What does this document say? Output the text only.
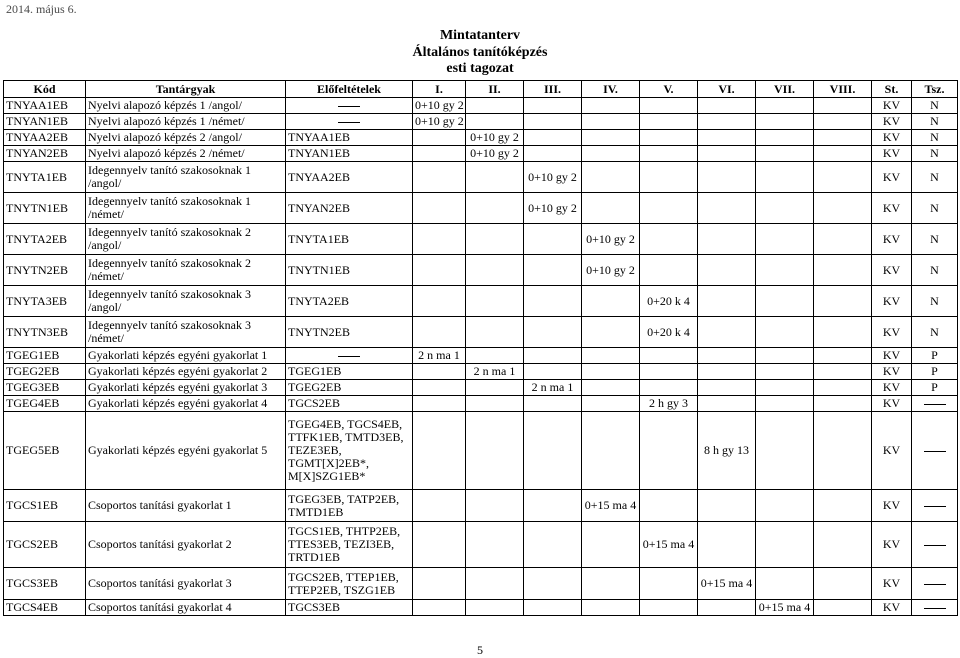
2014. május 6.
Mintatanterv
Általános tanítóképzés
esti tagozat
Kód	Tantárgyak	Előfeltételek	I.	II.	III.	IV.	V.	VI.	VII.	VIII.	St.	Tsz.
TNYAA1EB	Nyelvi alapozó képzés 1 /angol/		0+10 gy 2								KV	N
TNYAN1EB	Nyelvi alapozó képzés 1 /német/		0+10 gy 2								KV	N
TNYAA2EB	Nyelvi alapozó képzés 2 /angol/	TNYAA1EB		0+10 gy 2							KV	N
TNYAN2EB	Nyelvi alapozó képzés 2 /német/	TNYAN1EB		0+10 gy 2							KV	N
TNYTA1EB	Idegennyelv tanító szakosoknak 1 /angol/	TNYAA2EB			0+10 gy 2						KV	N
TNYTN1EB	Idegennyelv tanító szakosoknak 1 /német/	TNYAN2EB			0+10 gy 2						KV	N
TNYTA2EB	Idegennyelv tanító szakosoknak 2 /angol/	TNYTA1EB				0+10 gy 2					KV	N
TNYTN2EB	Idegennyelv tanító szakosoknak 2 /német/	TNYTN1EB				0+10 gy 2					KV	N
TNYTA3EB	Idegennyelv tanító szakosoknak 3 /angol/	TNYTA2EB					0+20 k 4				KV	N
TNYTN3EB	Idegennyelv tanító szakosoknak 3 /német/	TNYTN2EB					0+20 k 4				KV	N
TGEG1EB	Gyakorlati képzés egyéni gyakorlat 1		2 n ma 1								KV	P
TGEG2EB	Gyakorlati képzés egyéni gyakorlat 2	TGEG1EB		2 n ma 1							KV	P
TGEG3EB	Gyakorlati képzés egyéni gyakorlat 3	TGEG2EB			2 n ma 1						KV	P
TGEG4EB	Gyakorlati képzés egyéni gyakorlat 4	TGCS2EB					2 h gy 3				KV	
TGEG5EB	Gyakorlati képzés egyéni gyakorlat 5	TGEG4EB, TGCS4EB, TTFK1EB, TMTD3EB, TEZE3EB, TGMT[X]2EB*, M[X]SZG1EB*						8 h gy 13			KV	
TGCS1EB	Csoportos tanítási gyakorlat 1	TGEG3EB, TATP2EB, TMTD1EB				0+15 ma 4					KV	
TGCS2EB	Csoportos tanítási gyakorlat 2	TGCS1EB, THTP2EB, TTES3EB, TEZI3EB, TRTD1EB					0+15 ma 4				KV	
TGCS3EB	Csoportos tanítási gyakorlat 3	TGCS2EB, TTEP1EB, TTEP2EB, TSZG1EB						0+15 ma 4			KV	
TGCS4EB	Csoportos tanítási gyakorlat 4	TGCS3EB							0+15 ma 4		KV	
5
